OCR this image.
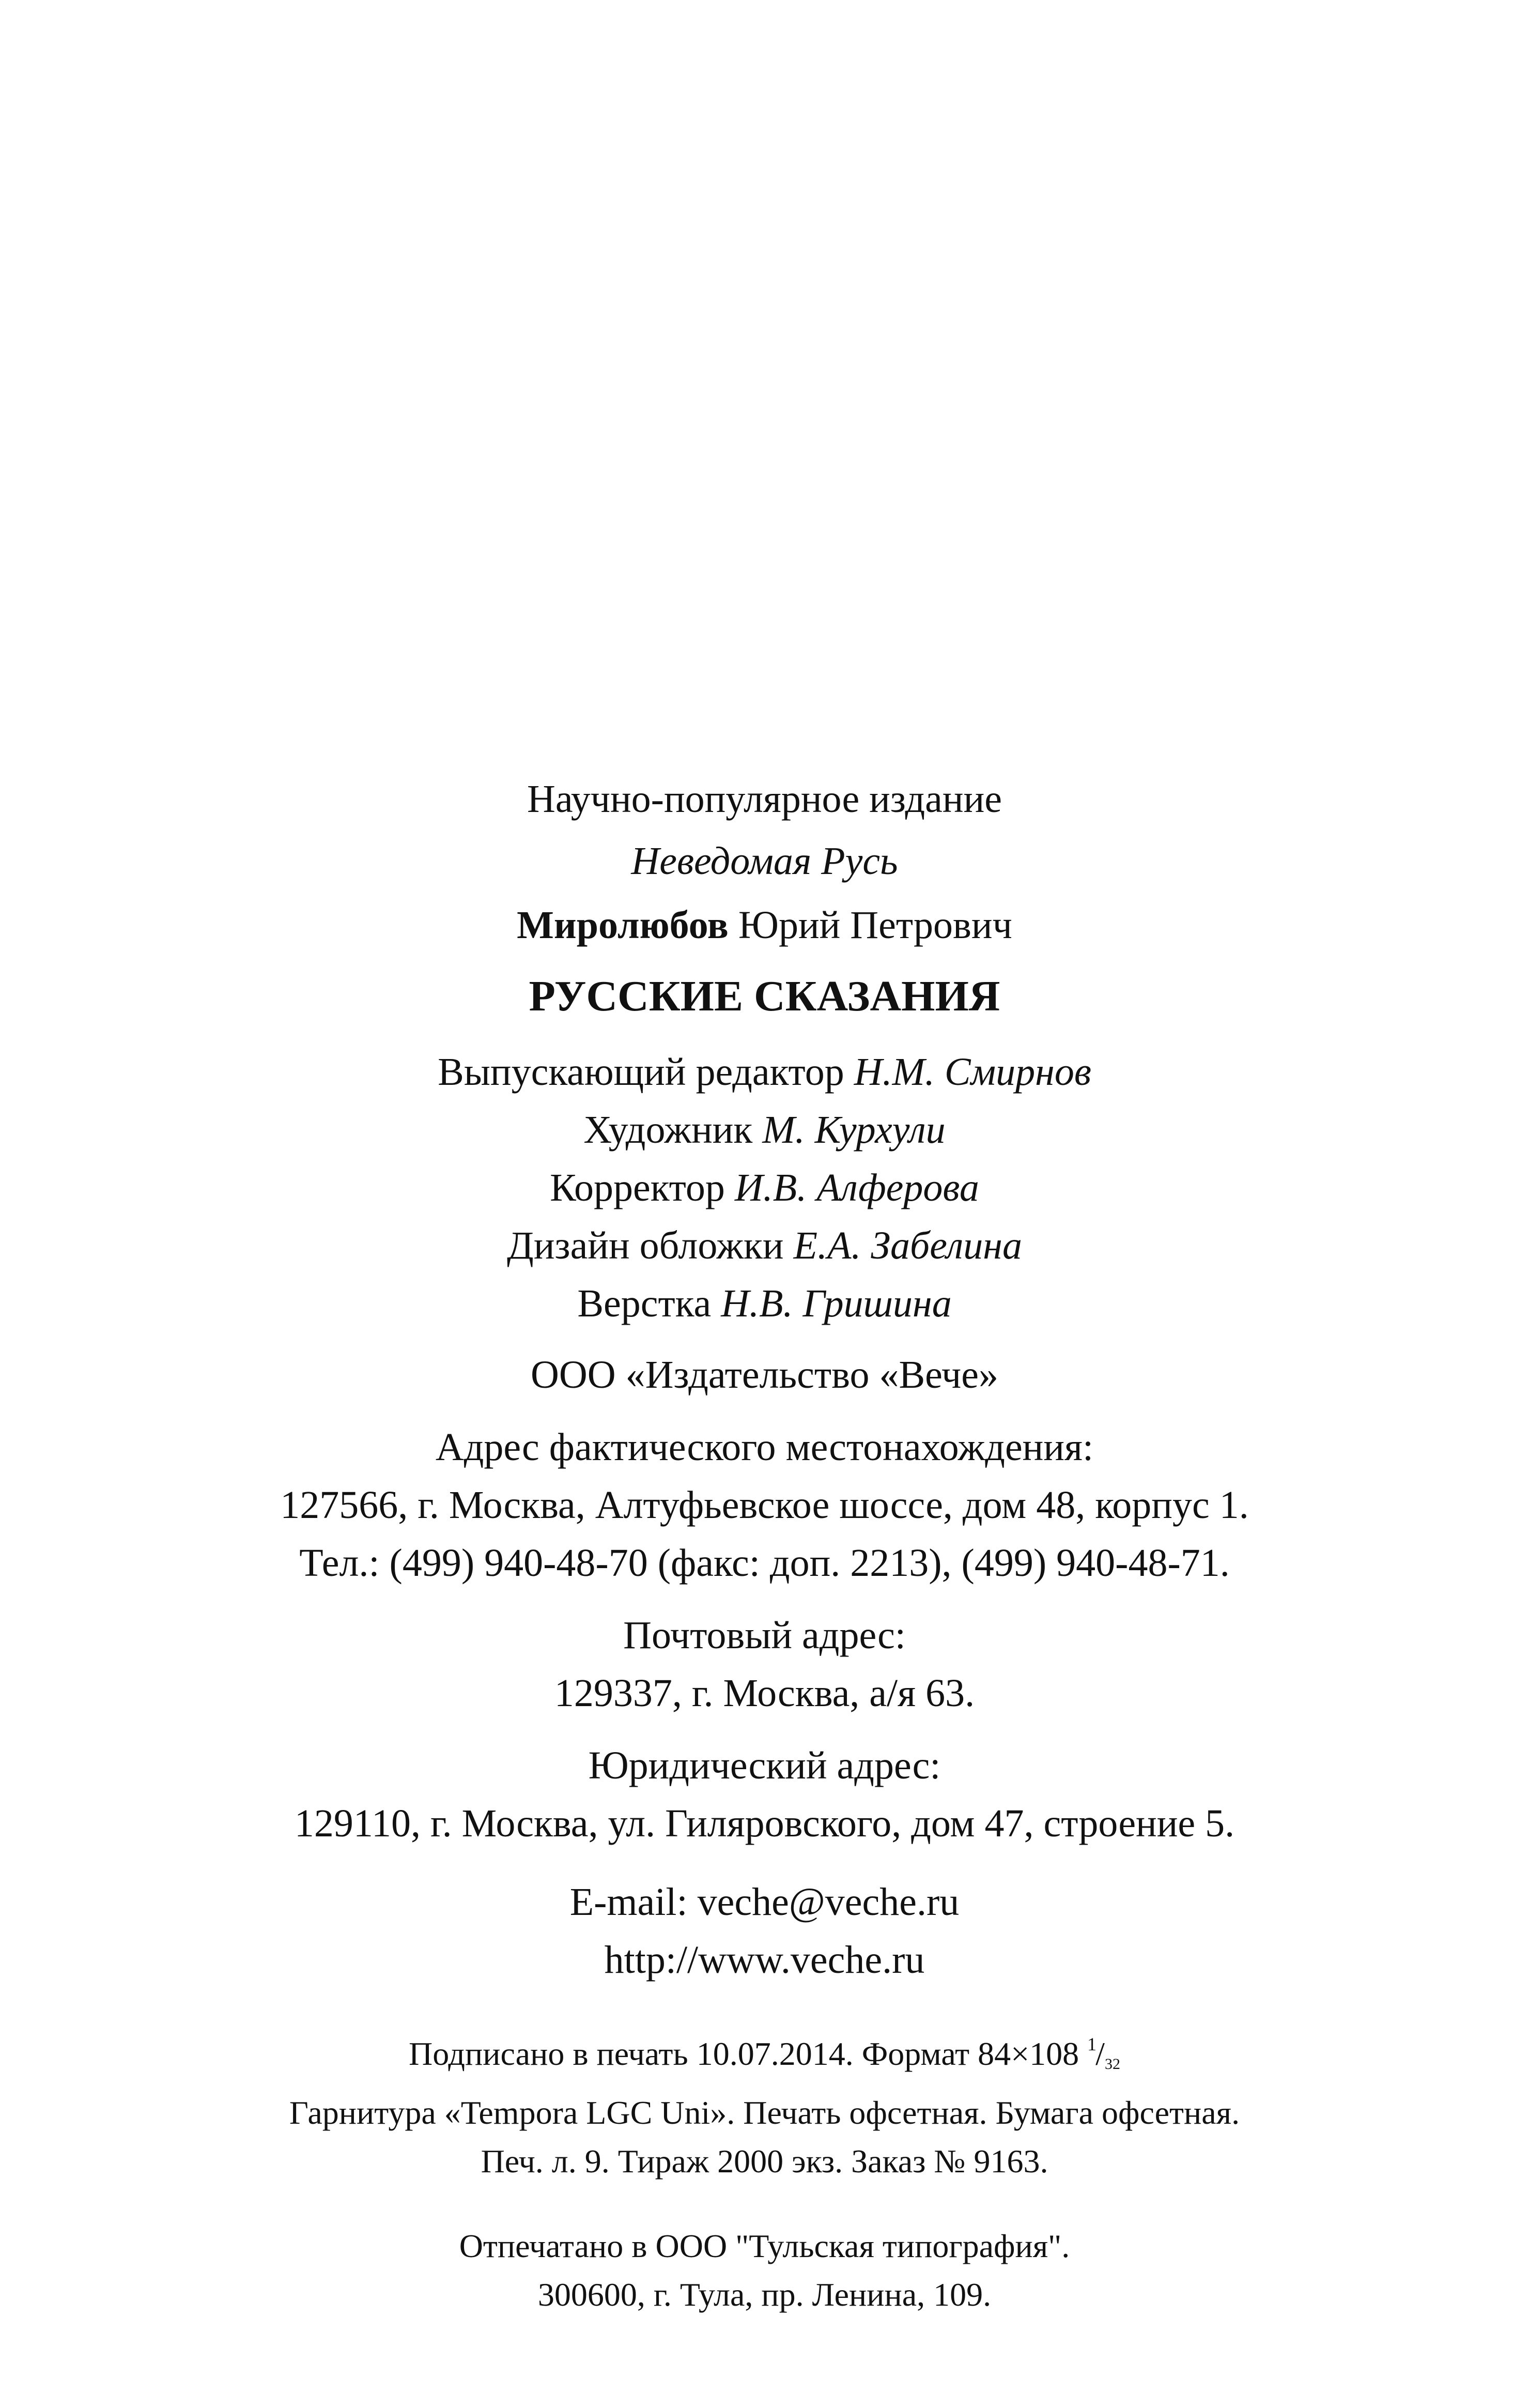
Научно-популярное издание
Неведомая Русь
Миролюбов Юрий Петрович
РУССКИЕ СКАЗАНИЯ
Выпускающий редактор Н.М. Смирнов
Художник М. Курхули
Корректор И.В. Алферова
Дизайн обложки Е.А. Забелина
Верстка Н.В. Гришина
ООО «Издательство «Вече»
Адрес фактического местонахождения:
127566, г. Москва, Алтуфьевское шоссе, дом 48, корпус 1.
Тел.: (499) 940-48-70 (факс: доп. 2213), (499) 940-48-71.
Почтовый адрес:
129337, г. Москва, а/я 63.
Юридический адрес:
129110, г. Москва, ул. Гиляровского, дом 47, строение 5.
E-mail: veche@veche.ru
http://www.veche.ru
Подписано в печать 10.07.2014. Формат 84×108 $^1/_{32}$
Гарнитура «Tempora LGC Uni». Печать офсетная. Бумага офсетная.
Печ. л. 9. Тираж 2000 экз. Заказ № 9163.
Отпечатано в ООО "Тульская типография".
300600, г. Тула, пр. Ленина, 109.
